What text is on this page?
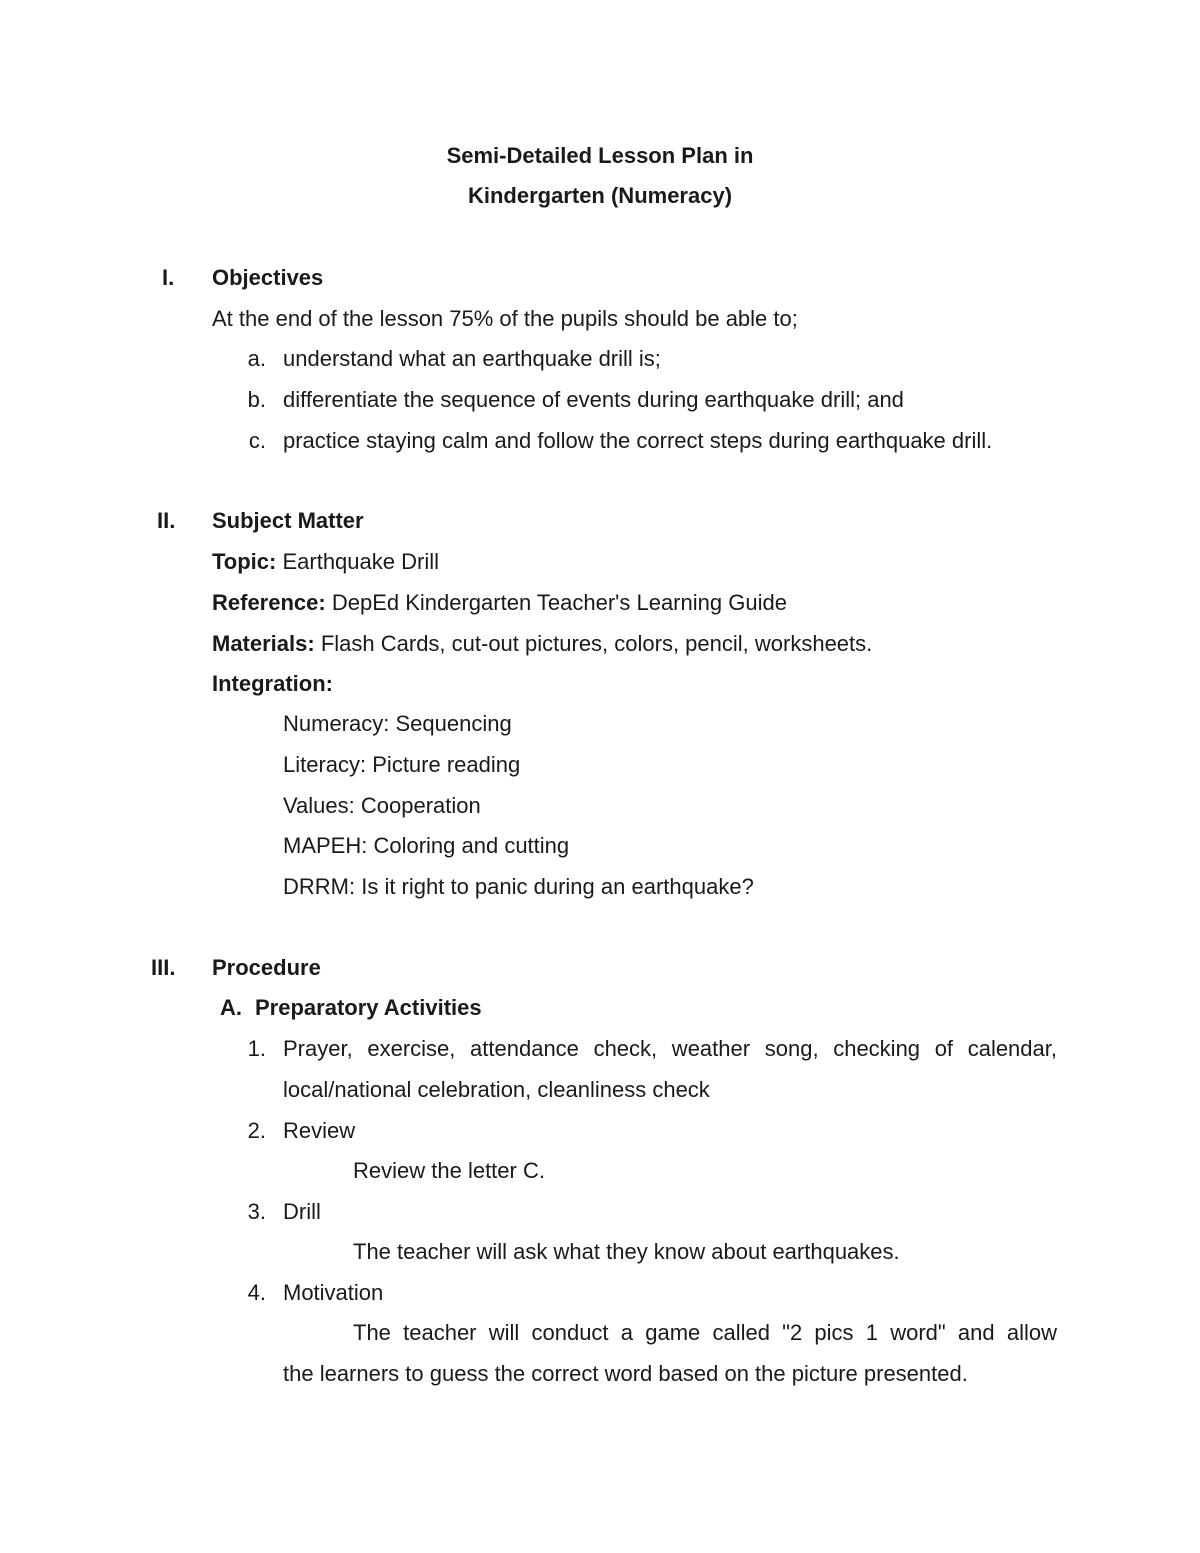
Semi-Detailed Lesson Plan in
Kindergarten (Numeracy)
I. Objectives
At the end of the lesson 75% of the pupils should be able to;
a. understand what an earthquake drill is;
b. differentiate the sequence of events during earthquake drill; and
c. practice staying calm and follow the correct steps during earthquake drill.
II. Subject Matter
Topic: Earthquake Drill
Reference: DepEd Kindergarten Teacher's Learning Guide
Materials: Flash Cards, cut-out pictures, colors, pencil, worksheets.
Integration:
Numeracy: Sequencing
Literacy: Picture reading
Values: Cooperation
MAPEH: Coloring and cutting
DRRM: Is it right to panic during an earthquake?
III. Procedure
A. Preparatory Activities
1. Prayer, exercise, attendance check, weather song, checking of calendar,
local/national celebration, cleanliness check
2. Review
Review the letter C.
3. Drill
The teacher will ask what they know about earthquakes.
4. Motivation
The teacher will conduct a game called "2 pics 1 word" and allow
the learners to guess the correct word based on the picture presented.
